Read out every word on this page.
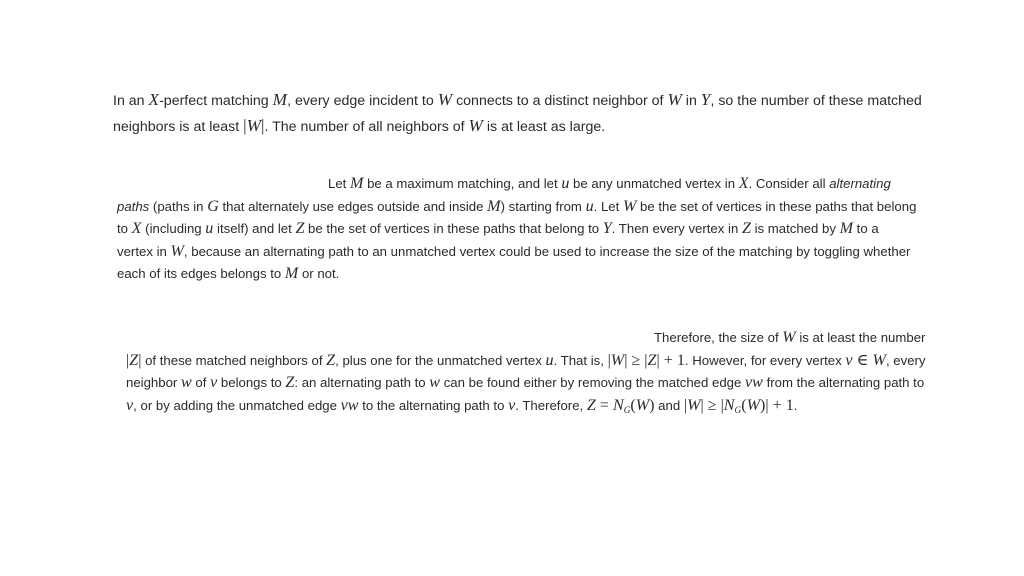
In an X-perfect matching M, every edge incident to W connects to a distinct neighbor of W in Y, so the number of these matched neighbors is at least |W|. The number of all neighbors of W is at least as large.

Let M be a maximum matching, and let u be any unmatched vertex in X. Consider all alternating paths (paths in G that alternately use edges outside and inside M) starting from u. Let W be the set of vertices in these paths that belong to X (including u itself) and let Z be the set of vertices in these paths that belong to Y. Then every vertex in Z is matched by M to a vertex in W, because an alternating path to an unmatched vertex could be used to increase the size of the matching by toggling whether each of its edges belongs to M or not.

Therefore, the size of W is at least the number |Z| of these matched neighbors of Z, plus one for the unmatched vertex u. That is, |W| ≥ |Z| + 1. However, for every vertex v ∈ W, every neighbor w of v belongs to Z: an alternating path to w can be found either by removing the matched edge vw from the alternating path to v, or by adding the unmatched edge vw to the alternating path to v. Therefore, $Z = N_G(W)$ and $|W| \ge |N_G(W)| + 1$.
